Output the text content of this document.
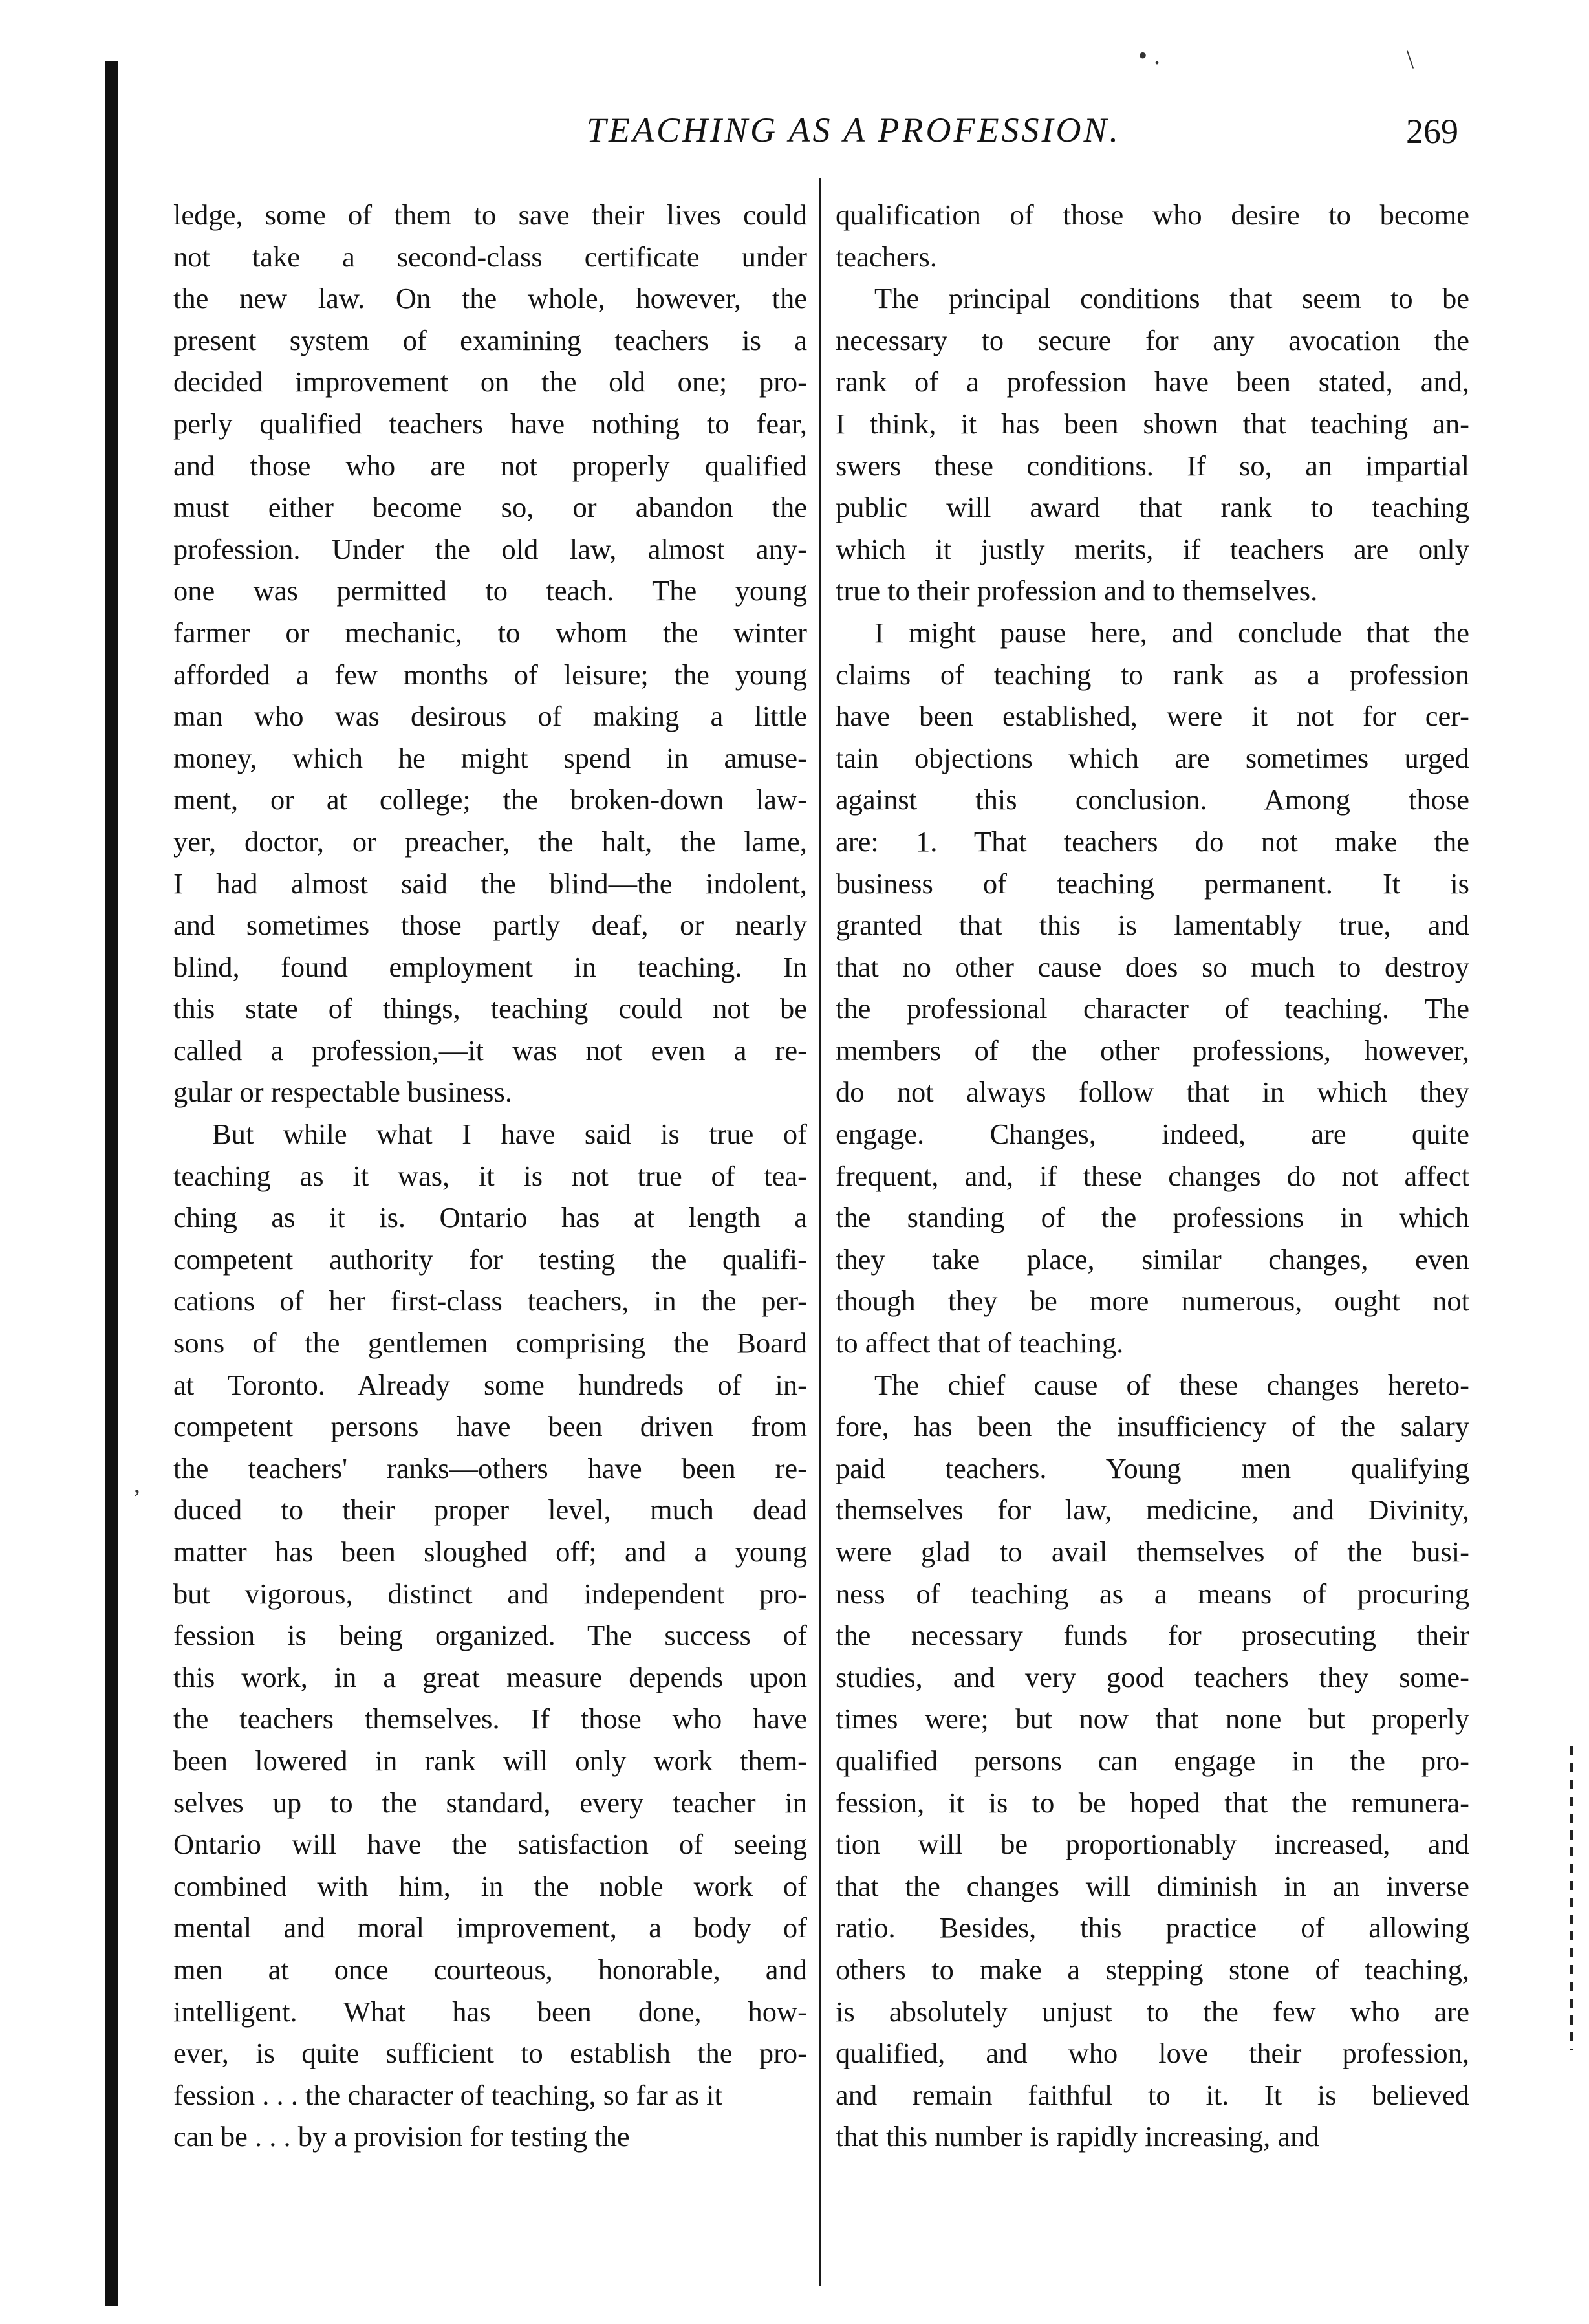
• .	\
‚
TEACHING AS A PROFESSION.	269
ledge, some of them to save their lives could
not take a second-class certificate under
the new law. On the whole, however, the
present system of examining teachers is a
decided improvement on the old one; pro-
perly qualified teachers have nothing to fear,
and those who are not properly qualified
must either become so, or abandon the
profession. Under the old law, almost any-
one was permitted to teach. The young
farmer or mechanic, to whom the winter
afforded a few months of leisure; the young
man who was desirous of making a little
money, which he might spend in amuse-
ment, or at college; the broken-down law-
yer, doctor, or preacher, the halt, the lame,
I had almost said the blind—the indolent,
and sometimes those partly deaf, or nearly
blind, found employment in teaching. In
this state of things, teaching could not be
called a profession,—it was not even a re-
gular or respectable business.
But while what I have said is true of
teaching as it was, it is not true of tea-
ching as it is. Ontario has at length a
competent authority for testing the qualifi-
cations of her first-class teachers, in the per-
sons of the gentlemen comprising the Board
at Toronto. Already some hundreds of in-
competent persons have been driven from
the teachers' ranks—others have been re-
duced to their proper level, much dead
matter has been sloughed off; and a young
but vigorous, distinct and independent pro-
fession is being organized. The success of
this work, in a great measure depends upon
the teachers themselves. If those who have
been lowered in rank will only work them-
selves up to the standard, every teacher in
Ontario will have the satisfaction of seeing
combined with him, in the noble work of
mental and moral improvement, a body of
men at once courteous, honorable, and
intelligent. What has been done, how-
ever, is quite sufficient to establish the pro-
fession . . . the character of teaching, so far as it
can be . . . by a provision for testing the
qualification of those who desire to become
teachers.
The principal conditions that seem to be
necessary to secure for any avocation the
rank of a profession have been stated, and,
I think, it has been shown that teaching an-
swers these conditions. If so, an impartial
public will award that rank to teaching
which it justly merits, if teachers are only
true to their profession and to themselves.
I might pause here, and conclude that the
claims of teaching to rank as a profession
have been established, were it not for cer-
tain objections which are sometimes urged
against this conclusion. Among those
are: 1. That teachers do not make the
business of teaching permanent. It is
granted that this is lamentably true, and
that no other cause does so much to destroy
the professional character of teaching. The
members of the other professions, however,
do not always follow that in which they
engage. Changes, indeed, are quite
frequent, and, if these changes do not affect
the standing of the professions in which
they take place, similar changes, even
though they be more numerous, ought not
to affect that of teaching.
The chief cause of these changes hereto-
fore, has been the insufficiency of the salary
paid teachers. Young men qualifying
themselves for law, medicine, and Divinity,
were glad to avail themselves of the busi-
ness of teaching as a means of procuring
the necessary funds for prosecuting their
studies, and very good teachers they some-
times were; but now that none but properly
qualified persons can engage in the pro-
fession, it is to be hoped that the remunera-
tion will be proportionably increased, and
that the changes will diminish in an inverse
ratio. Besides, this practice of allowing
others to make a stepping stone of teaching,
is absolutely unjust to the few who are
qualified, and who love their profession,
and remain faithful to it. It is believed
that this number is rapidly increasing, and
